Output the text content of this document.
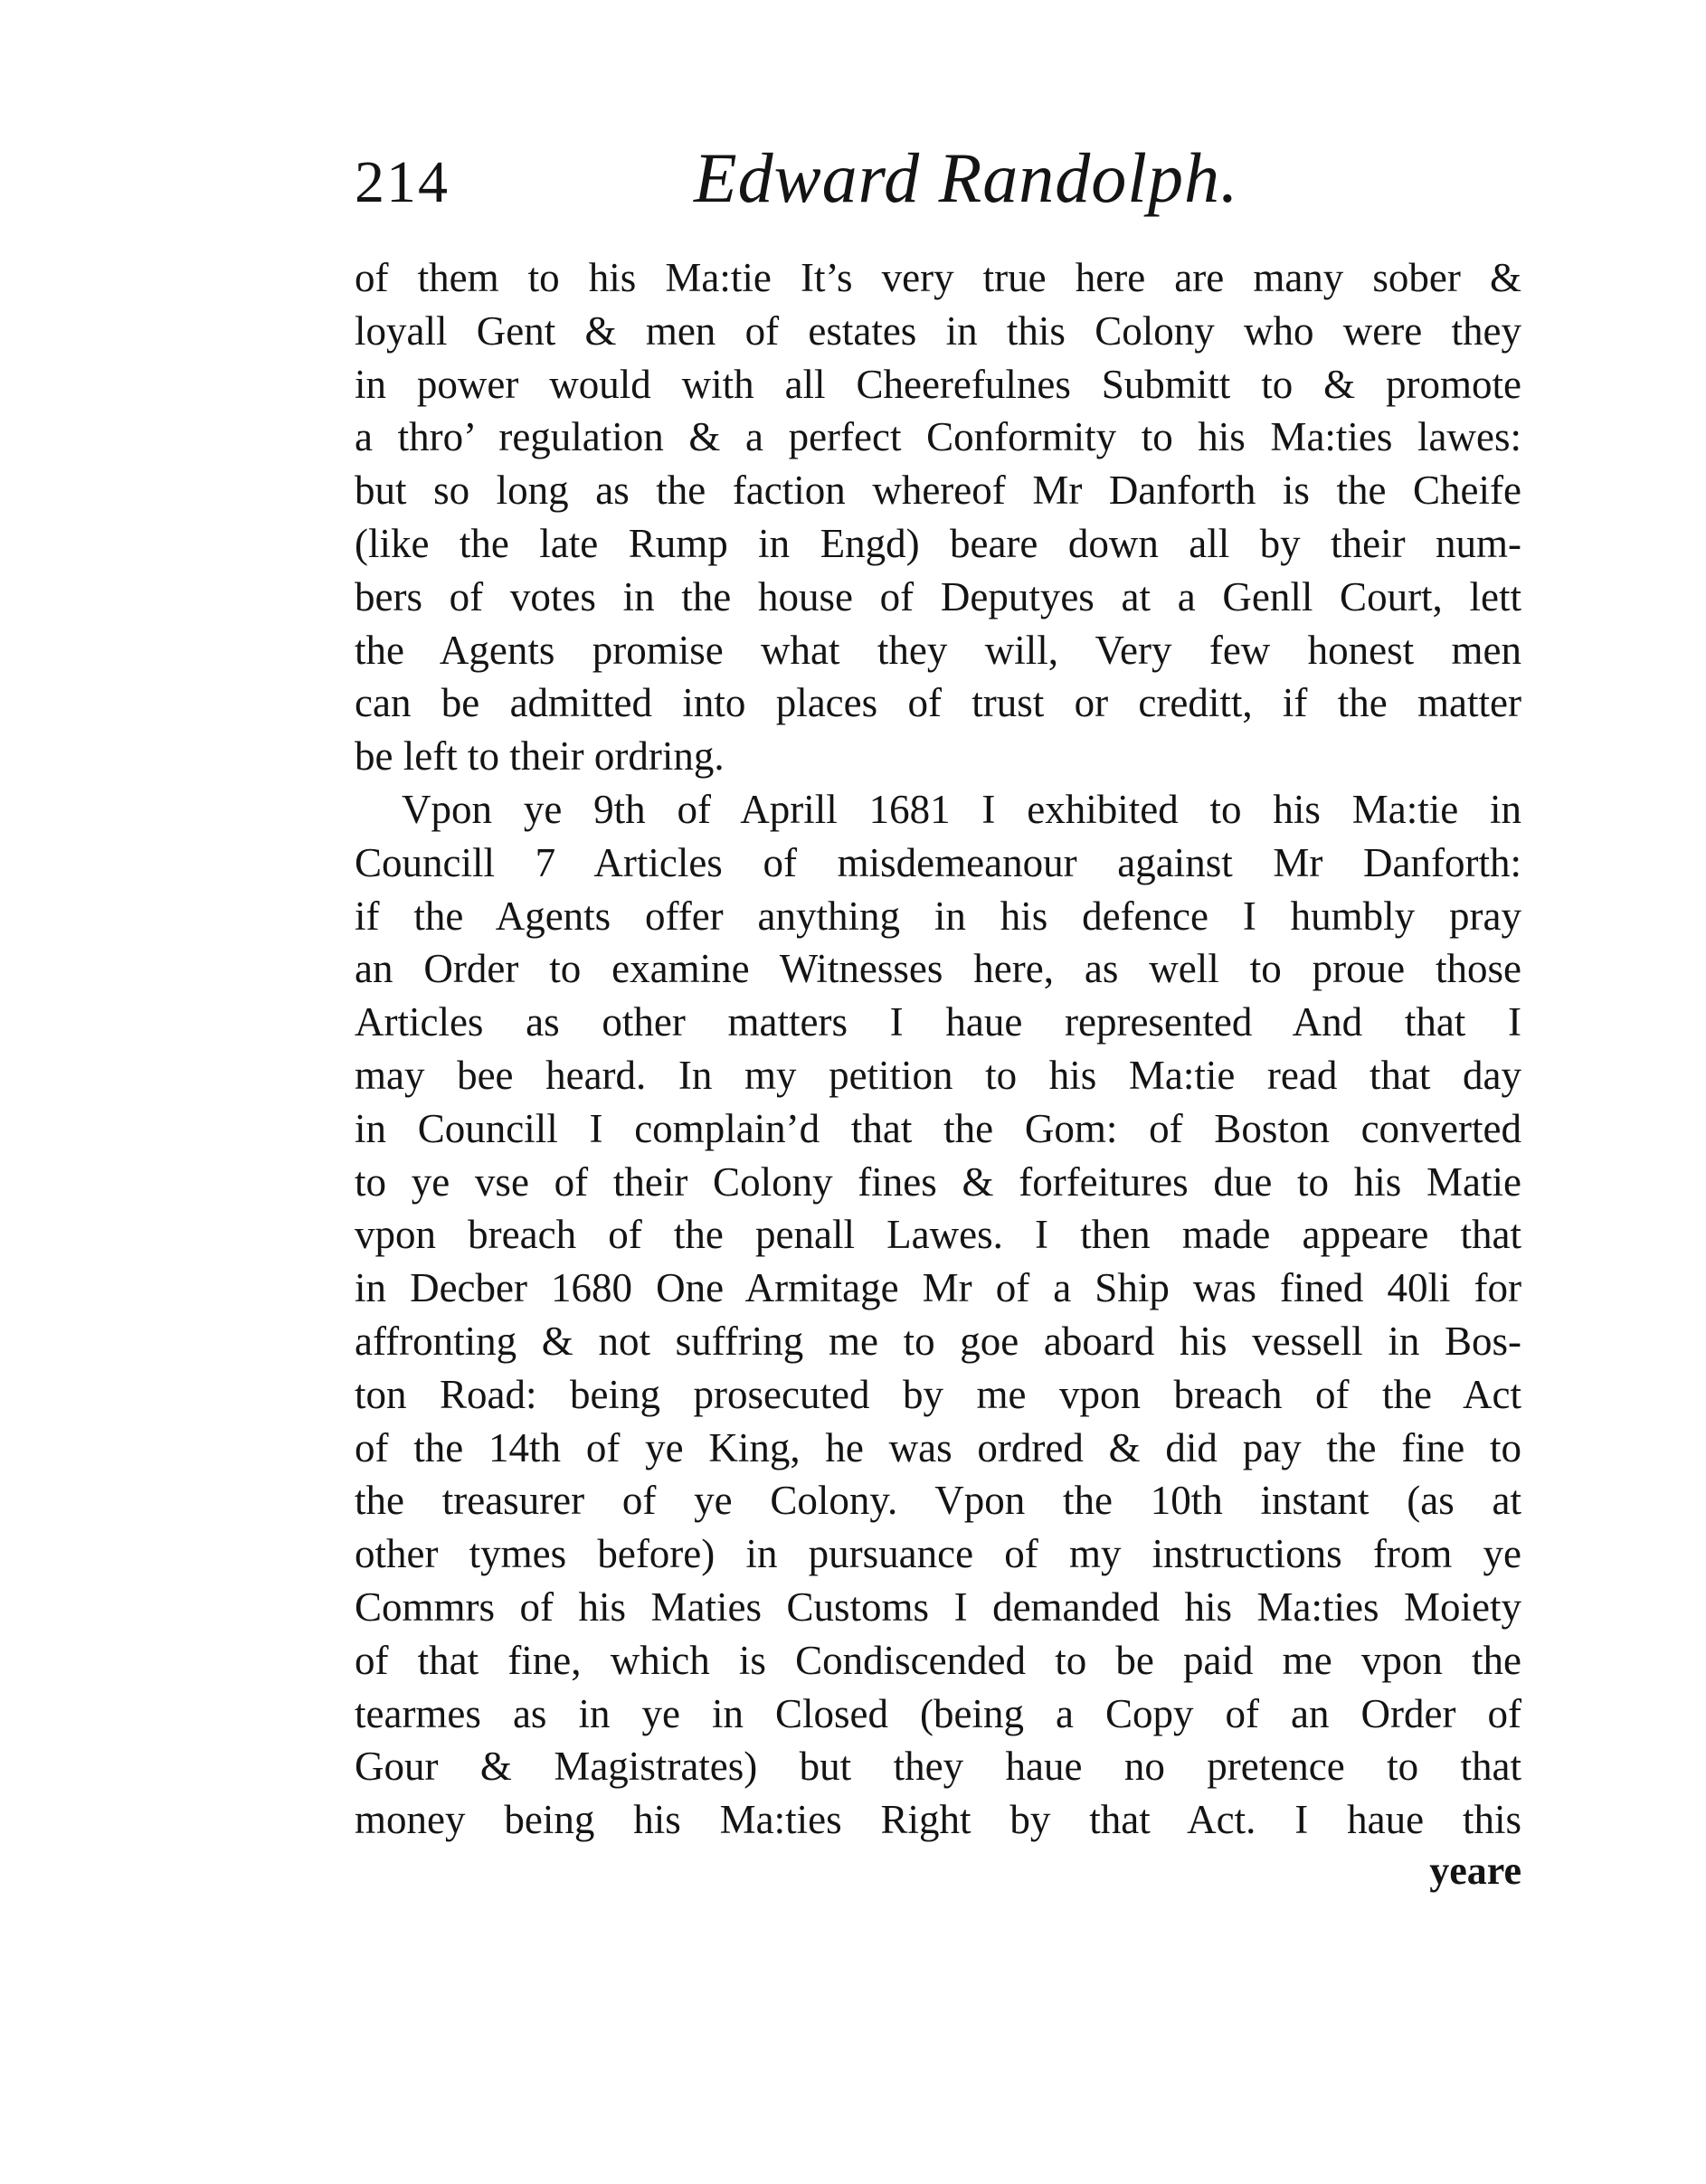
214	Edward Randolph.
of them to his Ma:tie It’s very true here are many sober &
loyall Gent & men of estates in this Colony who were they
in power would with all Cheerefulnes Submitt to & promote
a thro’ regulation & a perfect Conformity to his Ma:ties lawes:
but so long as the faction whereof Mr Danforth is the Cheife
(like the late Rump in Engd) beare down all by their num-
bers of votes in the house of Deputyes at a Genll Court, lett
the Agents promise what they will, Very few honest men
can be admitted into places of trust or creditt, if the matter
be left to their ordring.
Vpon ye 9th of Aprill 1681 I exhibited to his Ma:tie in
Councill 7 Articles of misdemeanour against Mr Danforth:
if the Agents offer anything in his defence I humbly pray
an Order to examine Witnesses here, as well to proue those
Articles as other matters I haue represented And that I
may bee heard. In my petition to his Ma:tie read that day
in Councill I complain’d that the Gom: of Boston converted
to ye vse of their Colony fines & forfeitures due to his Matie
vpon breach of the penall Lawes. I then made appeare that
in Decber 1680 One Armitage Mr of a Ship was fined 40li for
affronting & not suffring me to goe aboard his vessell in Bos-
ton Road: being prosecuted by me vpon breach of the Act
of the 14th of ye King, he was ordred & did pay the fine to
the treasurer of ye Colony. Vpon the 10th instant (as at
other tymes before) in pursuance of my instructions from ye
Commrs of his Maties Customs I demanded his Ma:ties Moiety
of that fine, which is Condiscended to be paid me vpon the
tearmes as in ye in Closed (being a Copy of an Order of
Gour & Magistrates) but they haue no pretence to that
money being his Ma:ties Right by that Act. I haue this
yeare
